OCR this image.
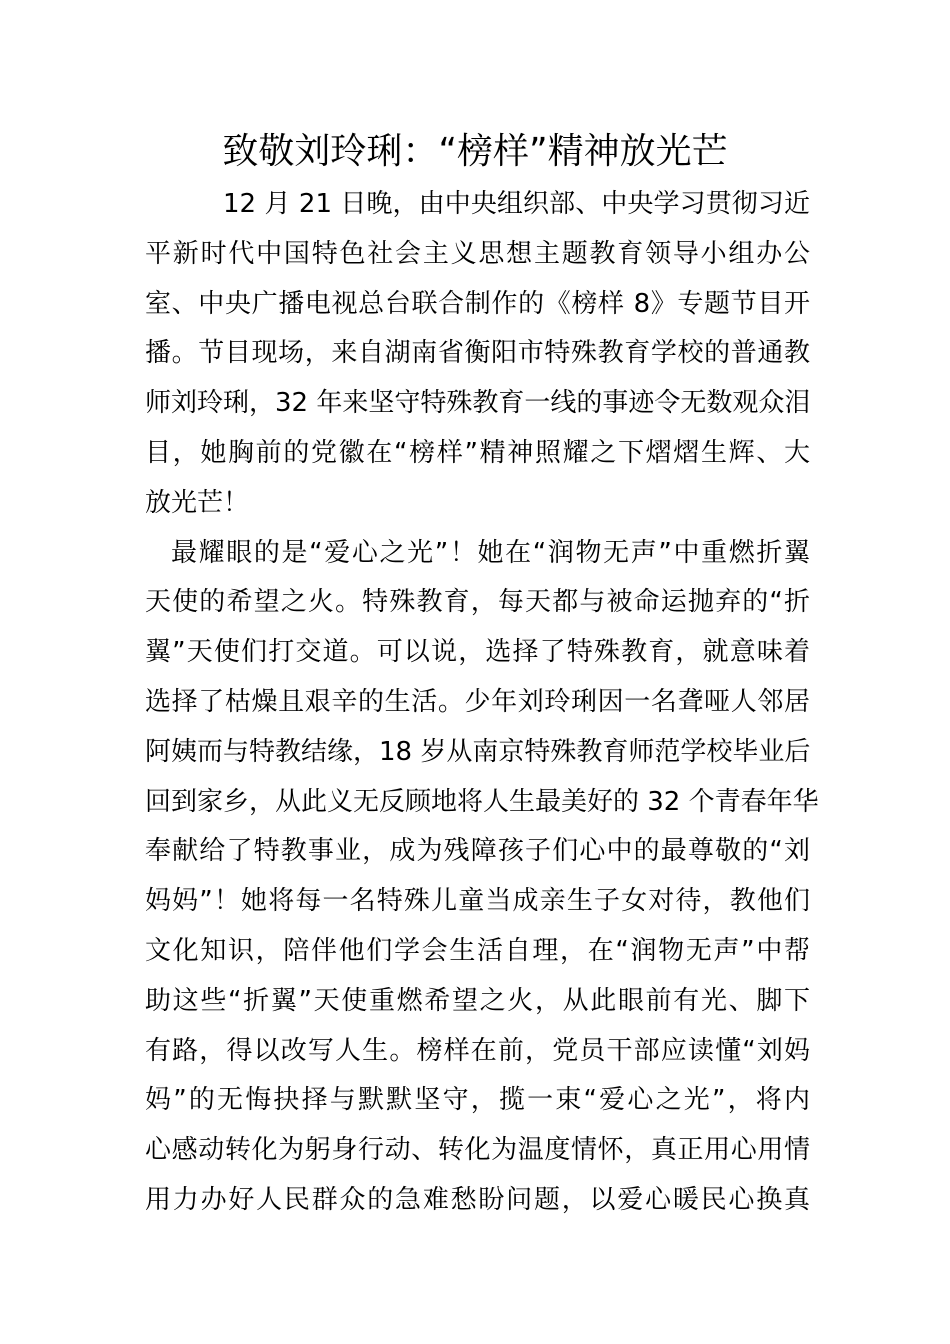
致敬刘玲琍：“榜样”精神放光芒
12 月 21 日晚，由中央组织部、中央学习贯彻习近
平新时代中国特色社会主义思想主题教育领导小组办公
室、中央广播电视总台联合制作的《榜样 8》专题节目开
播。节目现场，来自湖南省衡阳市特殊教育学校的普通教
师刘玲琍，32 年来坚守特殊教育一线的事迹令无数观众泪
目，她胸前的党徽在“榜样”精神照耀之下熠熠生辉、大
放光芒！
最耀眼的是“爱心之光”！她在“润物无声”中重燃折翼
天使的希望之火。特殊教育，每天都与被命运抛弃的“折
翼”天使们打交道。可以说，选择了特殊教育，就意味着
选择了枯燥且艰辛的生活。少年刘玲琍因一名聋哑人邻居
阿姨而与特教结缘，18 岁从南京特殊教育师范学校毕业后
回到家乡，从此义无反顾地将人生最美好的 32 个青春年华
奉献给了特教事业，成为残障孩子们心中的最尊敬的“刘
妈妈”！她将每一名特殊儿童当成亲生子女对待，教他们
文化知识，陪伴他们学会生活自理，在“润物无声”中帮
助这些“折翼”天使重燃希望之火，从此眼前有光、脚下
有路，得以改写人生。榜样在前，党员干部应读懂“刘妈
妈”的无悔抉择与默默坚守，揽一束“爱心之光”，将内
心感动转化为躬身行动、转化为温度情怀，真正用心用情
用力办好人民群众的急难愁盼问题，以爱心暖民心换真
